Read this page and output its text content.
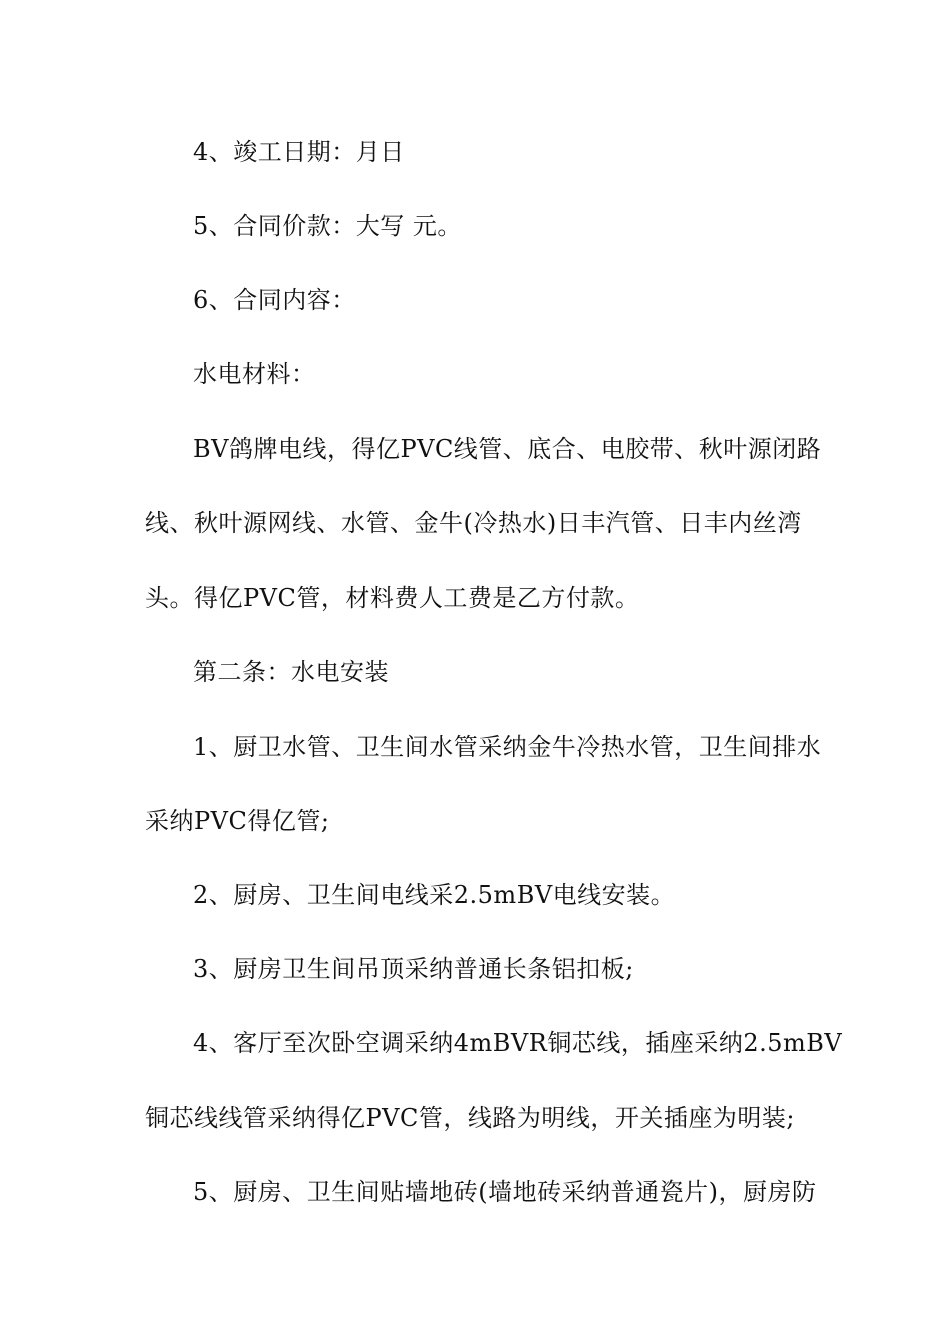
4、竣工日期：月日
5、合同价款：大写 元。
6、合同内容：
水电材料：
BV鸽牌电线，得亿PVC线管、底合、电胶带、秋叶源闭路
线、秋叶源网线、水管、金牛(冷热水)日丰汽管、日丰内丝湾
头。得亿PVC管，材料费人工费是乙方付款。
第二条：水电安装
1、厨卫水管、卫生间水管采纳金牛冷热水管，卫生间排水
采纳PVC得亿管;
2、厨房、卫生间电线采2.5mBV电线安装。
3、厨房卫生间吊顶采纳普通长条铝扣板;
4、客厅至次卧空调采纳4mBVR铜芯线，插座采纳2.5mBV
铜芯线线管采纳得亿PVC管，线路为明线，开关插座为明装;
5、厨房、卫生间贴墙地砖(墙地砖采纳普通瓷片)，厨房防
